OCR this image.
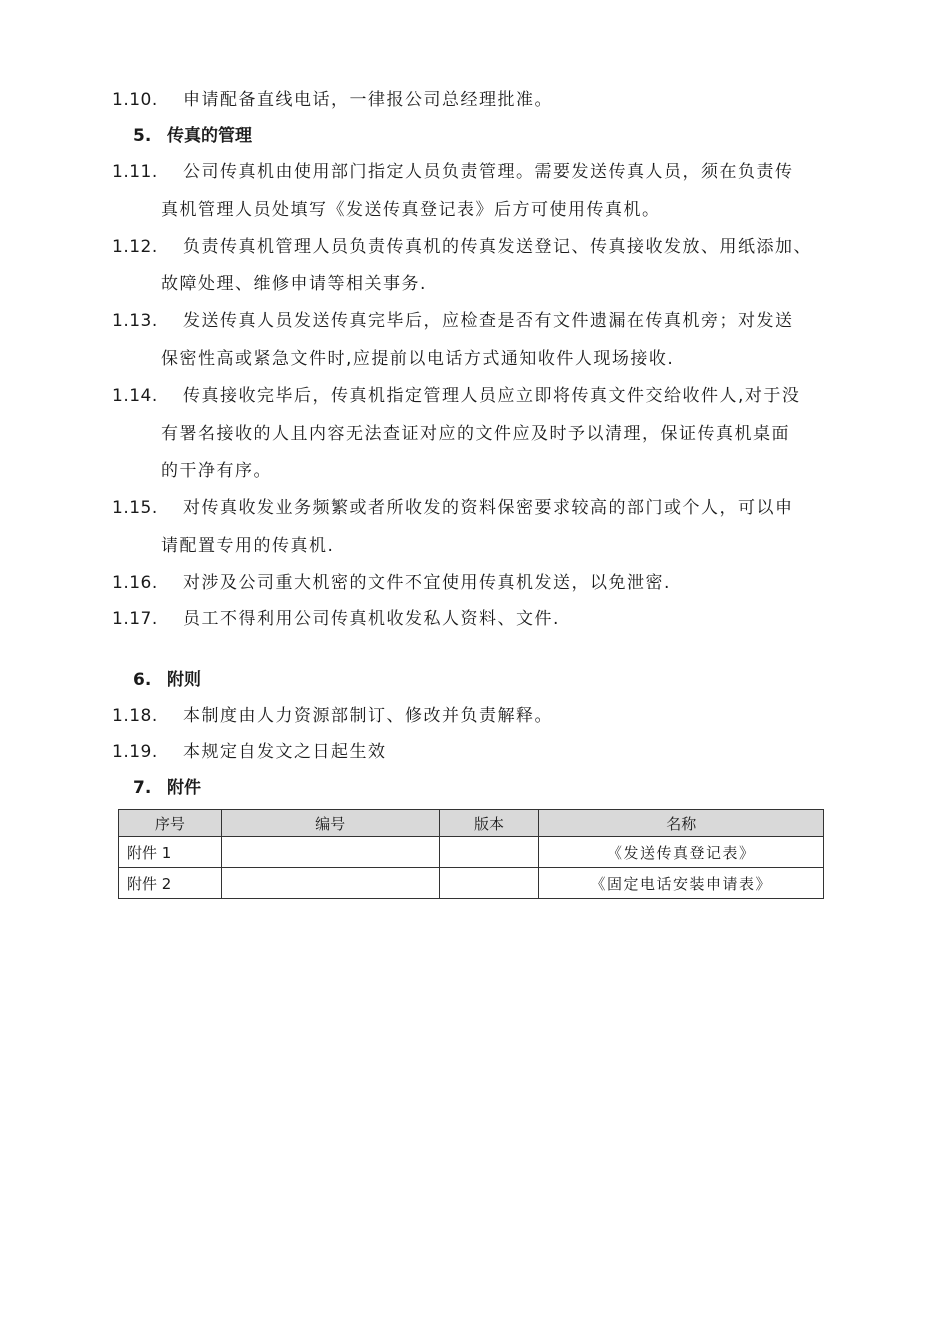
1.10. 申请配备直线电话，一律报公司总经理批准。
5. 传真的管理
1.11. 公司传真机由使用部门指定人员负责管理。需要发送传真人员，须在负责传
真机管理人员处填写《发送传真登记表》后方可使用传真机。
1.12. 负责传真机管理人员负责传真机的传真发送登记、传真接收发放、用纸添加、
故障处理、维修申请等相关事务.
1.13. 发送传真人员发送传真完毕后，应检查是否有文件遗漏在传真机旁；对发送
保密性高或紧急文件时,应提前以电话方式通知收件人现场接收.
1.14. 传真接收完毕后，传真机指定管理人员应立即将传真文件交给收件人,对于没
有署名接收的人且内容无法查证对应的文件应及时予以清理，保证传真机桌面
的干净有序。
1.15. 对传真收发业务频繁或者所收发的资料保密要求较高的部门或个人，可以申
请配置专用的传真机.
1.16. 对涉及公司重大机密的文件不宜使用传真机发送，以免泄密.
1.17. 员工不得利用公司传真机收发私人资料、文件.
6. 附则
1.18. 本制度由人力资源部制订、修改并负责解释。
1.19. 本规定自发文之日起生效
7. 附件
序号	编号	版本	名称
附件 1			《发送传真登记表》
附件 2			《固定电话安装申请表》
